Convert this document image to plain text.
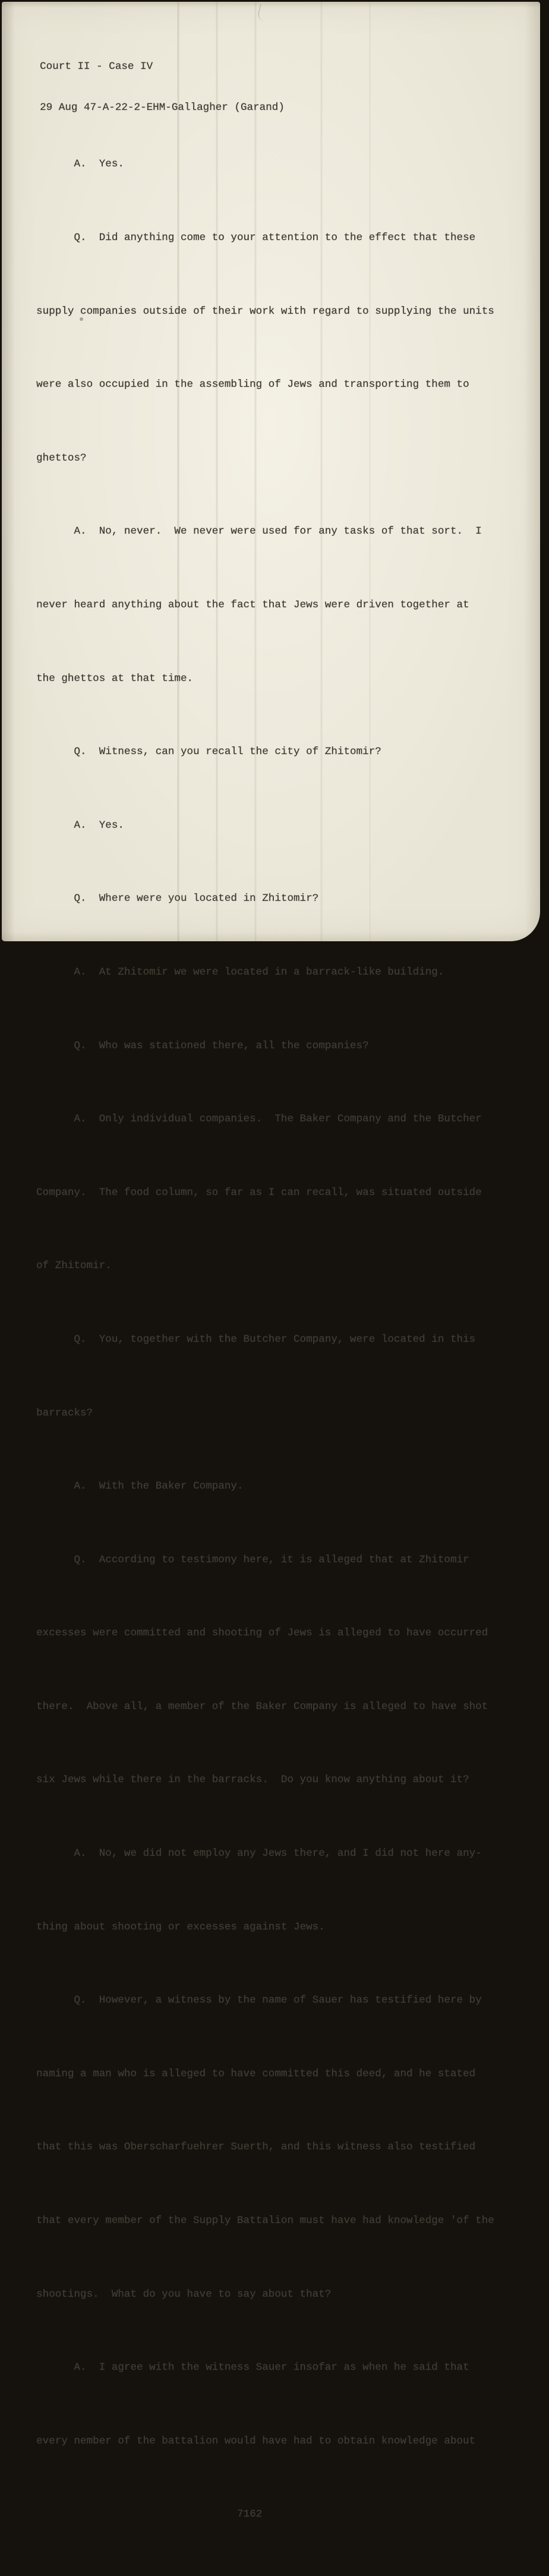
Court II - Case IV

29 Aug 47-A-22-2-EHM-Gallagher (Garand)

A.  Yes.

Q.  Did anything come to your attention to the effect that these

supply companies outside of their work with regard to supplying the units

were also occupied in the assembling of Jews and transporting them to

ghettos?

A.  No, never.  We never were used for any tasks of that sort.  I

never heard anything about the fact that Jews were driven together at

the ghettos at that time.

Q.  Witness, can you recall the city of Zhitomir?

A.  Yes.

Q.  Where were you located in Zhitomir?

A.  At Zhitomir we were located in a barrack-like building.

Q.  Who was stationed there, all the companies?

A.  Only individual companies.  The Baker Company and the Butcher

Company.  The food column, so far as I can recall, was situated outside

of Zhitomir.

Q.  You, together with the Butcher Company, were located in this

barracks?

A.  With the Baker Company.

Q.  According to testimony here, it is alleged that at Zhitomir

excesses were committed and shooting of Jews is alleged to have occurred

there.  Above all, a member of the Baker Company is alleged to have shot

six Jews while there in the barracks.  Do you know anything about it?

A.  No, we did not employ any Jews there, and I did not here any-

thing about shooting or excesses against Jews.

Q.  However, a witness by the name of Sauer has testified here by

naming a man who is alleged to have committed this deed, and he stated

that this was Oberscharfuehrer Suerth, and this witness also testified

that every member of the Supply Battalion must have had knowledge 'of the

shootings.  What do you have to say about that?

A.  I agree with the witness Sauer insofar as when he said that

every nember of the battalion would have had to obtain knowledge about

7162
